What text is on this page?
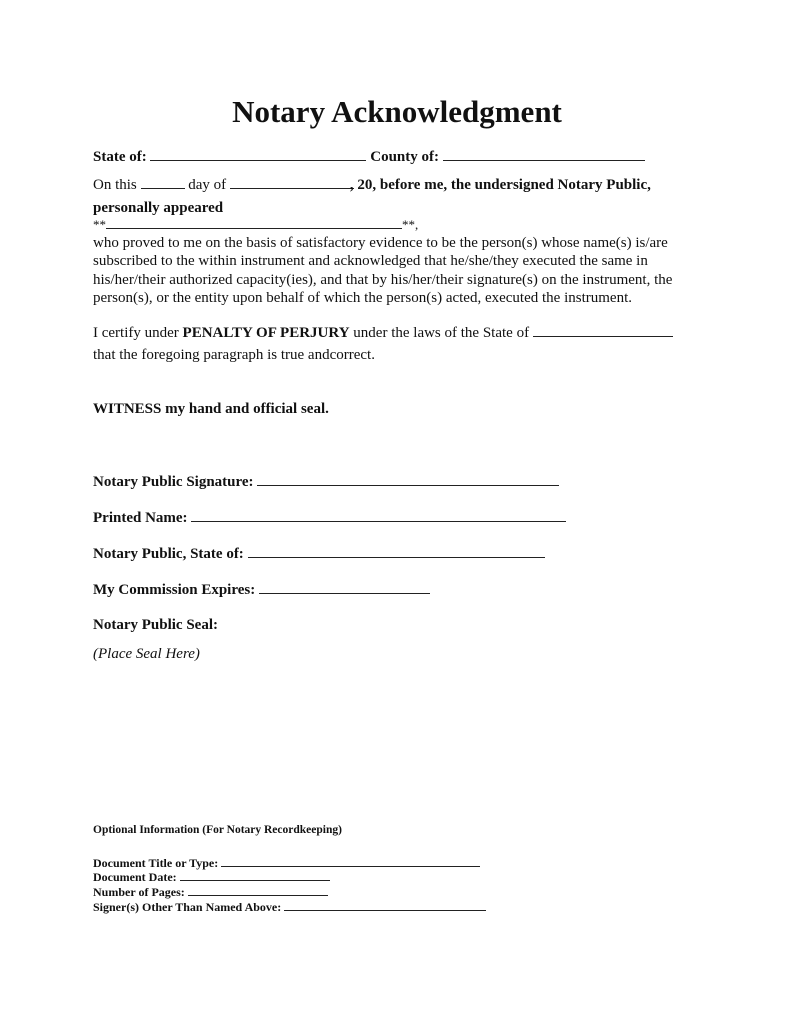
Notary Acknowledgment
State of:	County of:
On this	day of	, 20, before me, the undersigned Notary Public,
personally appeared
**	**,
who proved to me on the basis of satisfactory evidence to be the person(s) whose name(s) is/are
subscribed to the within instrument and acknowledged that he/she/they executed the same in
his/her/their authorized capacity(ies), and that by his/her/their signature(s) on the instrument, the
person(s), or the entity upon behalf of which the person(s) acted, executed the instrument.
I certify under PENALTY OF PERJURY under the laws of the State of
that the foregoing paragraph is true andcorrect.
WITNESS my hand and official seal.
Notary Public Signature:
Printed Name:
Notary Public, State of:
My Commission Expires:
Notary Public Seal:
(Place Seal Here)
Optional Information (For Notary Recordkeeping)
Document Title or Type:
Document Date:
Number of Pages:
Signer(s) Other Than Named Above:
